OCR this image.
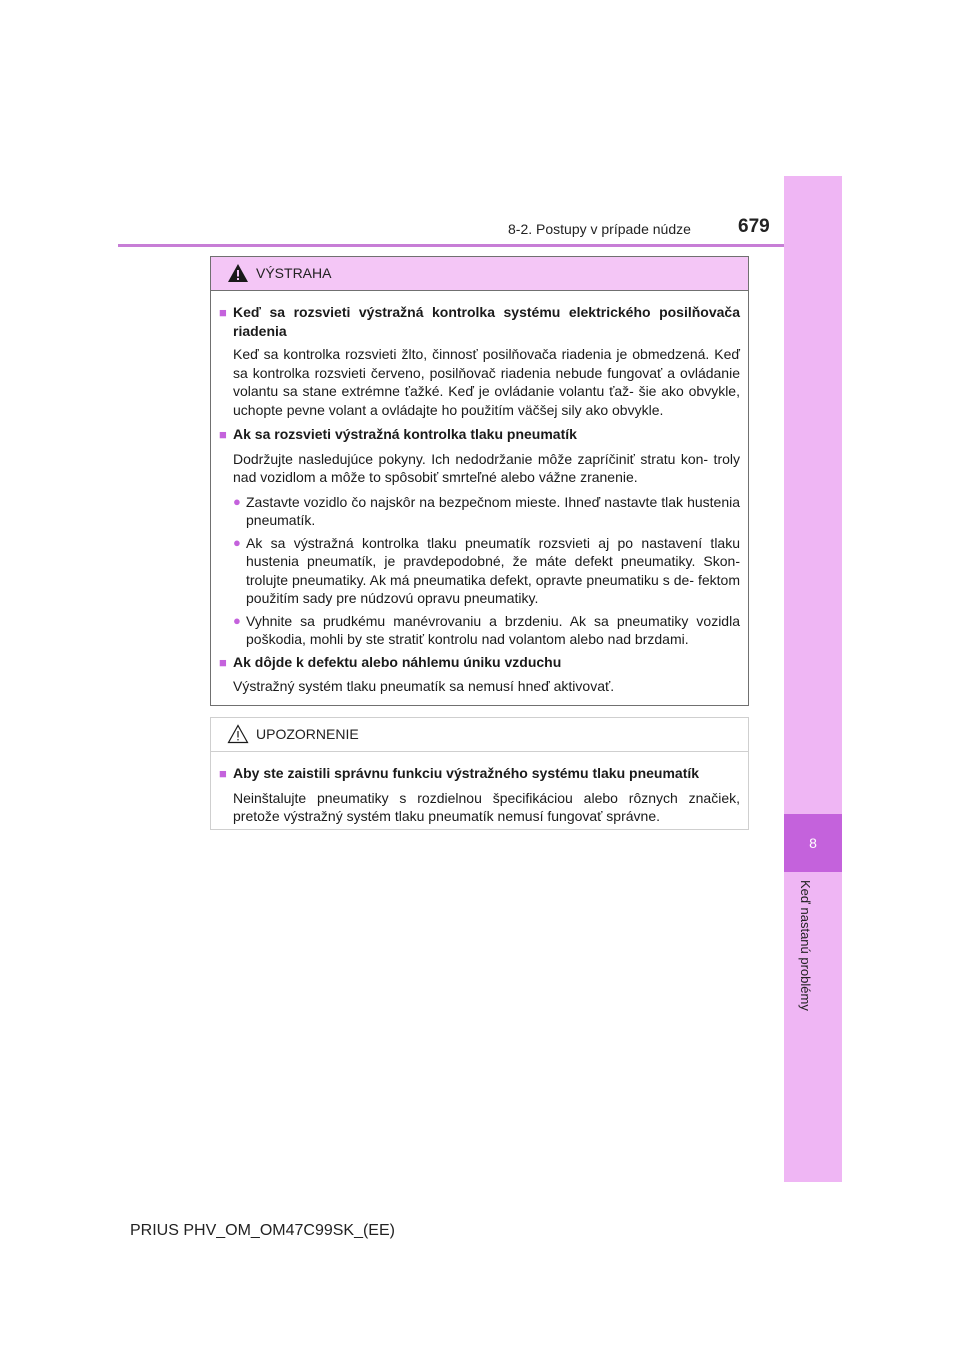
8-2. Postupy v prípade núdze 679
8
Keď nastanú problémy
VÝSTRAHA
■ Keď sa rozsvieti výstražná kontrolka systému elektrického posilňovača riadenia
Keď sa kontrolka rozsvieti žlto, činnosť posilňovača riadenia je obmedzená. Keď sa kontrolka rozsvieti červeno, posilňovač riadenia nebude fungovať a ovládanie volantu sa stane extrémne ťažké. Keď je ovládanie volantu ťaž- šie ako obvykle, uchopte pevne volant a ovládajte ho použitím väčšej sily ako obvykle.
■ Ak sa rozsvieti výstražná kontrolka tlaku pneumatík
Dodržujte nasledujúce pokyny. Ich nedodržanie môže zapríčiniť stratu kon- troly nad vozidlom a môže to spôsobiť smrteľné alebo vážne zranenie.
● Zastavte vozidlo čo najskôr na bezpečnom mieste. Ihneď nastavte tlak hustenia pneumatík.
● Ak sa výstražná kontrolka tlaku pneumatík rozsvieti aj po nastavení tlaku hustenia pneumatík, je pravdepodobné, že máte defekt pneumatiky. Skon- trolujte pneumatiky. Ak má pneumatika defekt, opravte pneumatiku s de- fektom použitím sady pre núdzovú opravu pneumatiky.
● Vyhnite sa prudkému manévrovaniu a brzdeniu. Ak sa pneumatiky vozidla poškodia, mohli by ste stratiť kontrolu nad volantom alebo nad brzdami.
■ Ak dôjde k defektu alebo náhlemu úniku vzduchu
Výstražný systém tlaku pneumatík sa nemusí hneď aktivovať.
UPOZORNENIE
■ Aby ste zaistili správnu funkciu výstražného systému tlaku pneumatík
Neinštalujte pneumatiky s rozdielnou špecifikáciou alebo rôznych značiek, pretože výstražný systém tlaku pneumatík nemusí fungovať správne.
PRIUS PHV_OM_OM47C99SK_(EE)
